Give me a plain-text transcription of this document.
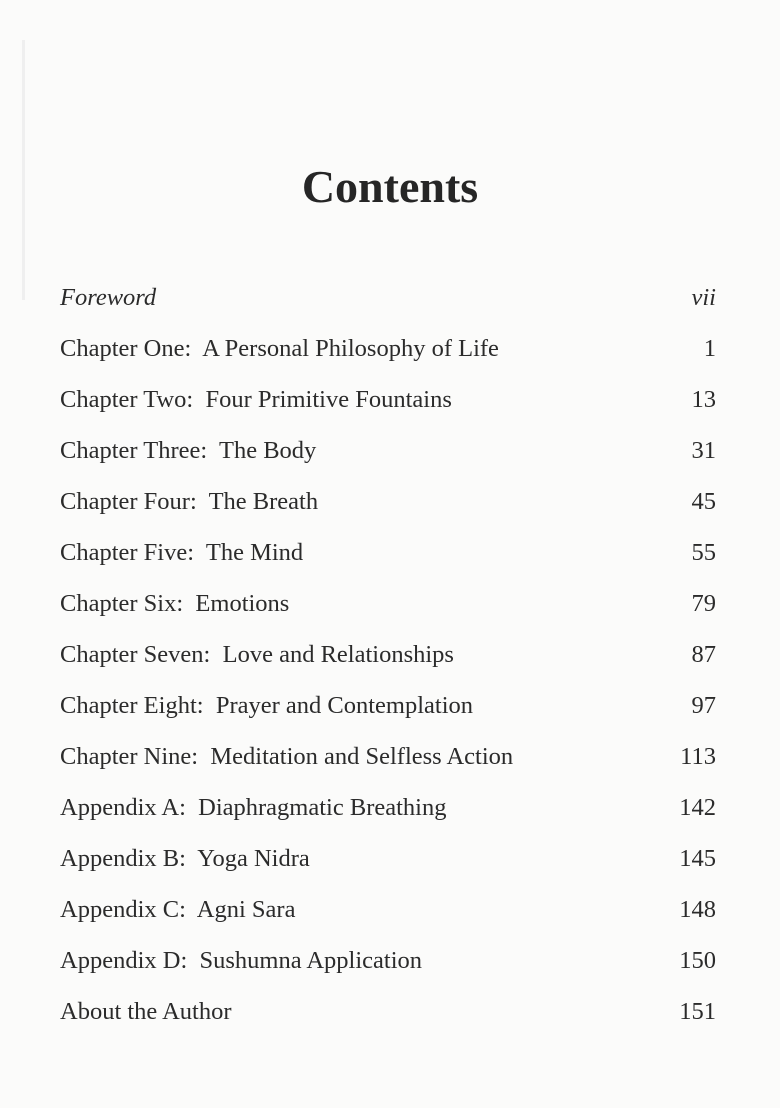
Contents
Foreword	vii
Chapter One:  A Personal Philosophy of Life	1
Chapter Two:  Four Primitive Fountains	13
Chapter Three:  The Body	31
Chapter Four:  The Breath	45
Chapter Five:  The Mind	55
Chapter Six:  Emotions	79
Chapter Seven:  Love and Relationships	87
Chapter Eight:  Prayer and Contemplation	97
Chapter Nine:  Meditation and Selfless Action	113
Appendix A:  Diaphragmatic Breathing	142
Appendix B:  Yoga Nidra	145
Appendix C:  Agni Sara	148
Appendix D:  Sushumna Application	150
About the Author	151
